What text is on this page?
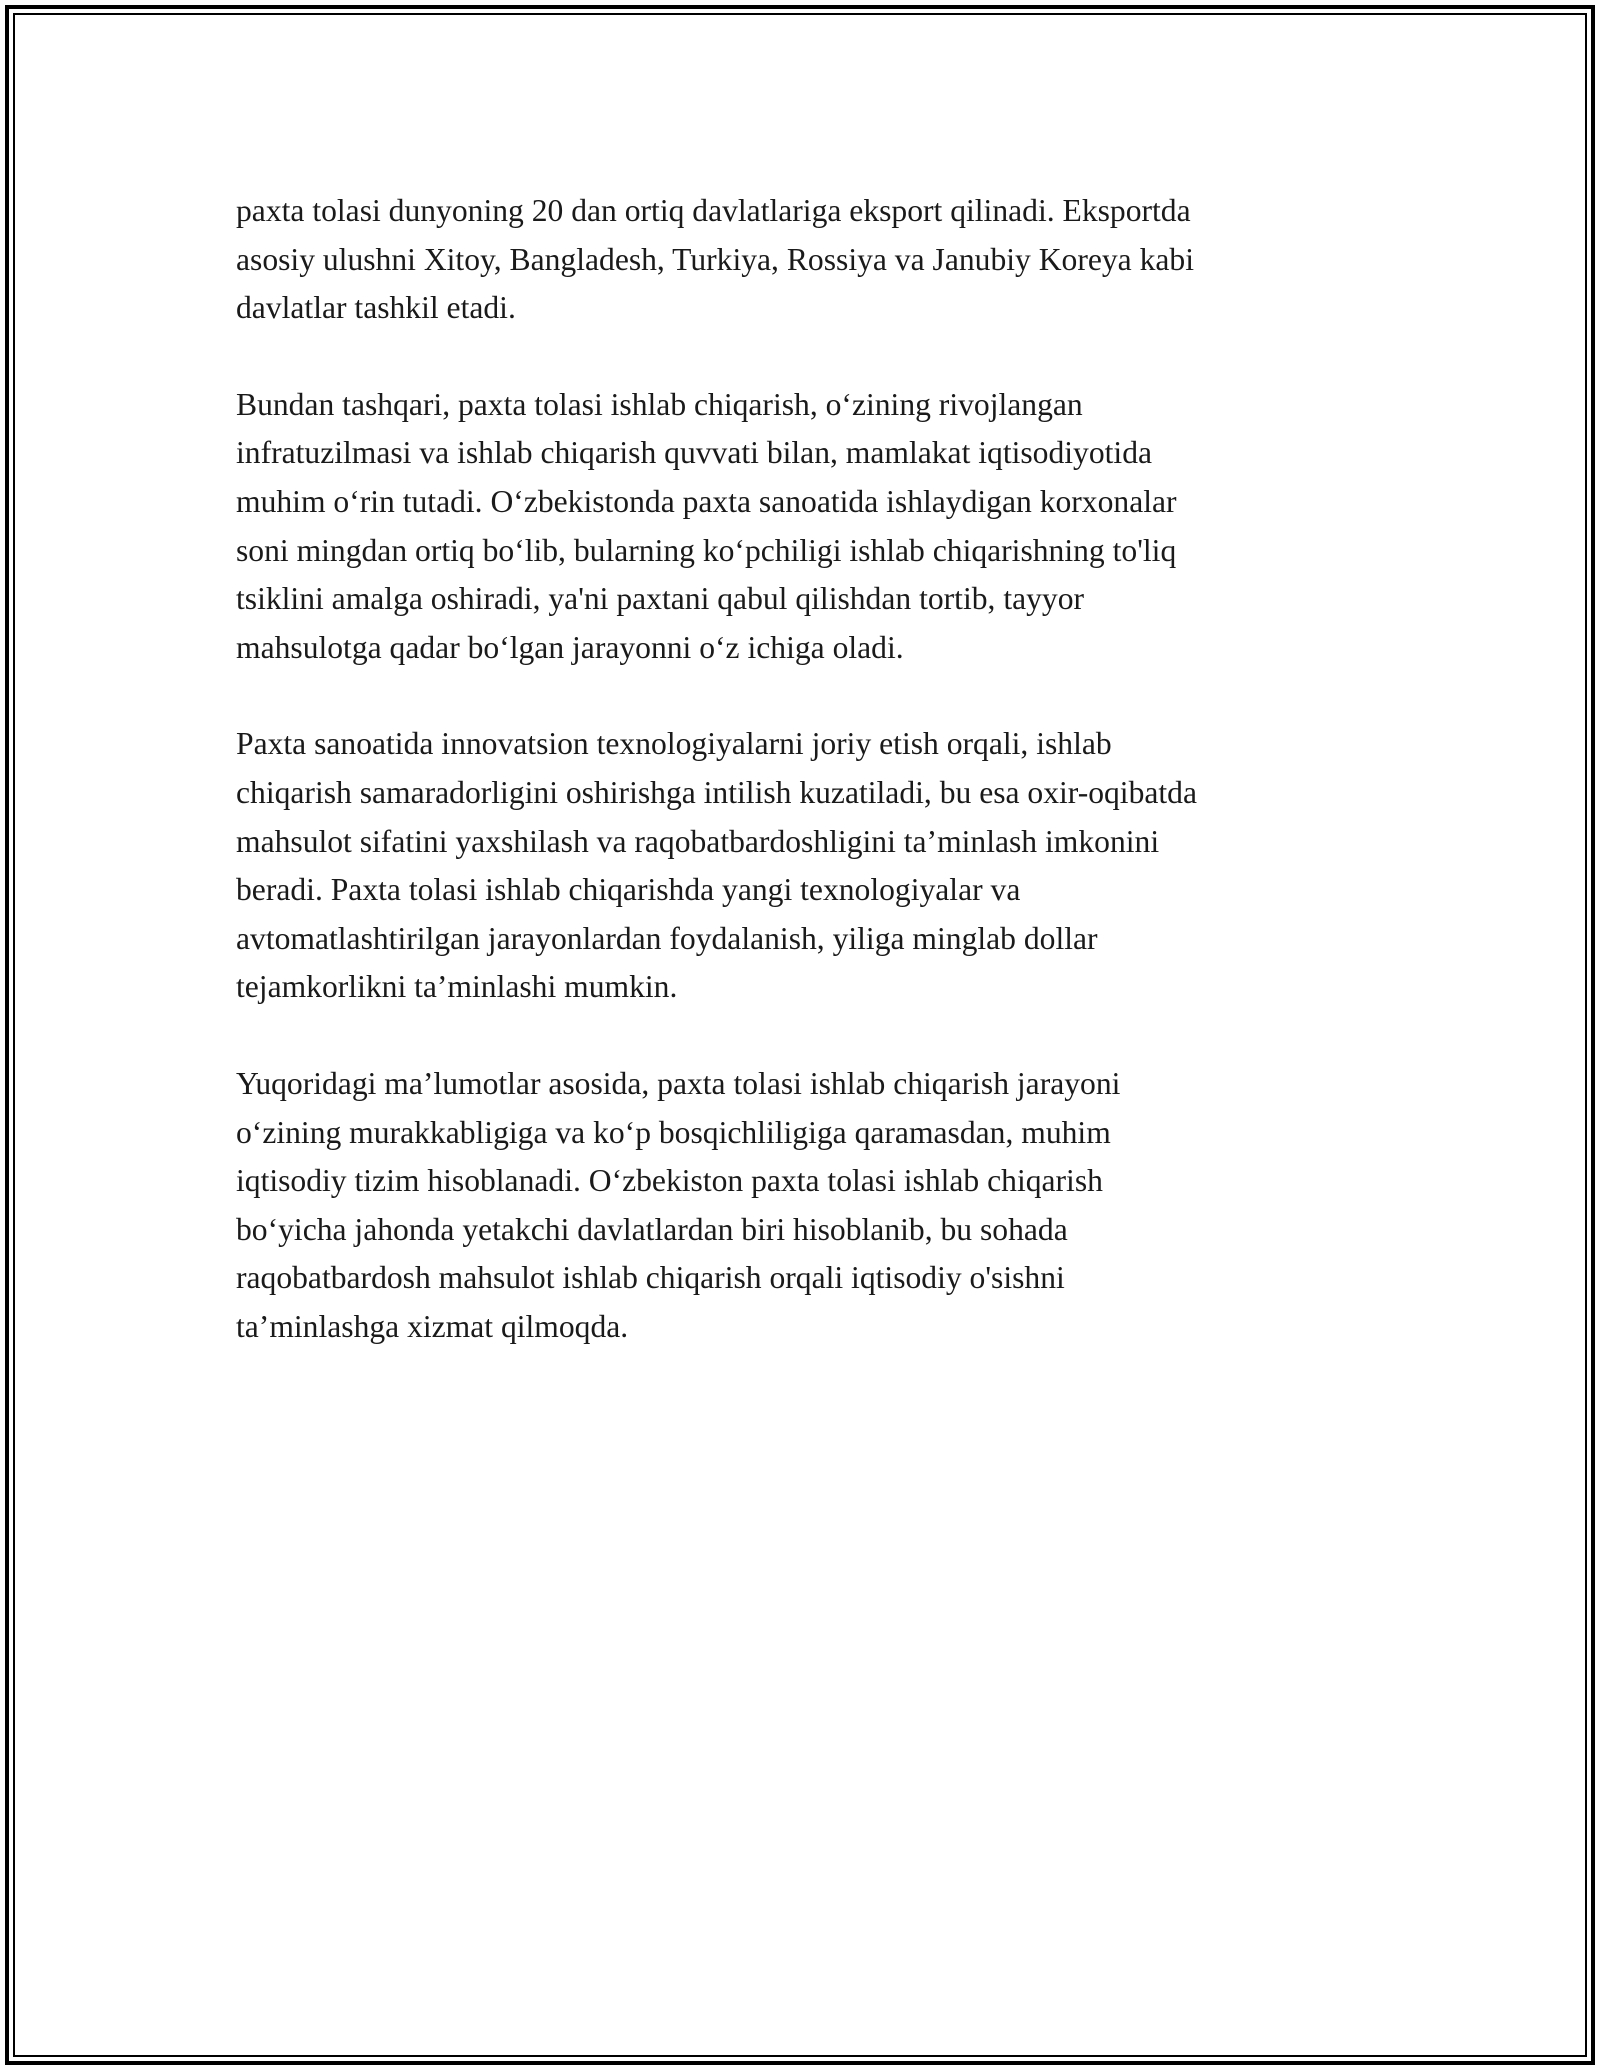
paxta tolasi dunyoning 20 dan ortiq davlatlariga eksport qilinadi. Eksportda
asosiy ulushni Xitoy, Bangladesh, Turkiya, Rossiya va Janubiy Koreya kabi
davlatlar tashkil etadi.

Bundan tashqari, paxta tolasi ishlab chiqarish, o‘zining rivojlangan
infratuzilmasi va ishlab chiqarish quvvati bilan, mamlakat iqtisodiyotida
muhim o‘rin tutadi. O‘zbekistonda paxta sanoatida ishlaydigan korxonalar
soni mingdan ortiq bo‘lib, bularning ko‘pchiligi ishlab chiqarishning to'liq
tsiklini amalga oshiradi, ya'ni paxtani qabul qilishdan tortib, tayyor
mahsulotga qadar bo‘lgan jarayonni o‘z ichiga oladi.

Paxta sanoatida innovatsion texnologiyalarni joriy etish orqali, ishlab
chiqarish samaradorligini oshirishga intilish kuzatiladi, bu esa oxir-oqibatda
mahsulot sifatini yaxshilash va raqobatbardoshligini ta’minlash imkonini
beradi. Paxta tolasi ishlab chiqarishda yangi texnologiyalar va
avtomatlashtirilgan jarayonlardan foydalanish, yiliga minglab dollar
tejamkorlikni ta’minlashi mumkin.

Yuqoridagi ma’lumotlar asosida, paxta tolasi ishlab chiqarish jarayoni
o‘zining murakkabligiga va ko‘p bosqichliligiga qaramasdan, muhim
iqtisodiy tizim hisoblanadi. O‘zbekiston paxta tolasi ishlab chiqarish
bo‘yicha jahonda yetakchi davlatlardan biri hisoblanib, bu sohada
raqobatbardosh mahsulot ishlab chiqarish orqali iqtisodiy o'sishni
ta’minlashga xizmat qilmoqda.
